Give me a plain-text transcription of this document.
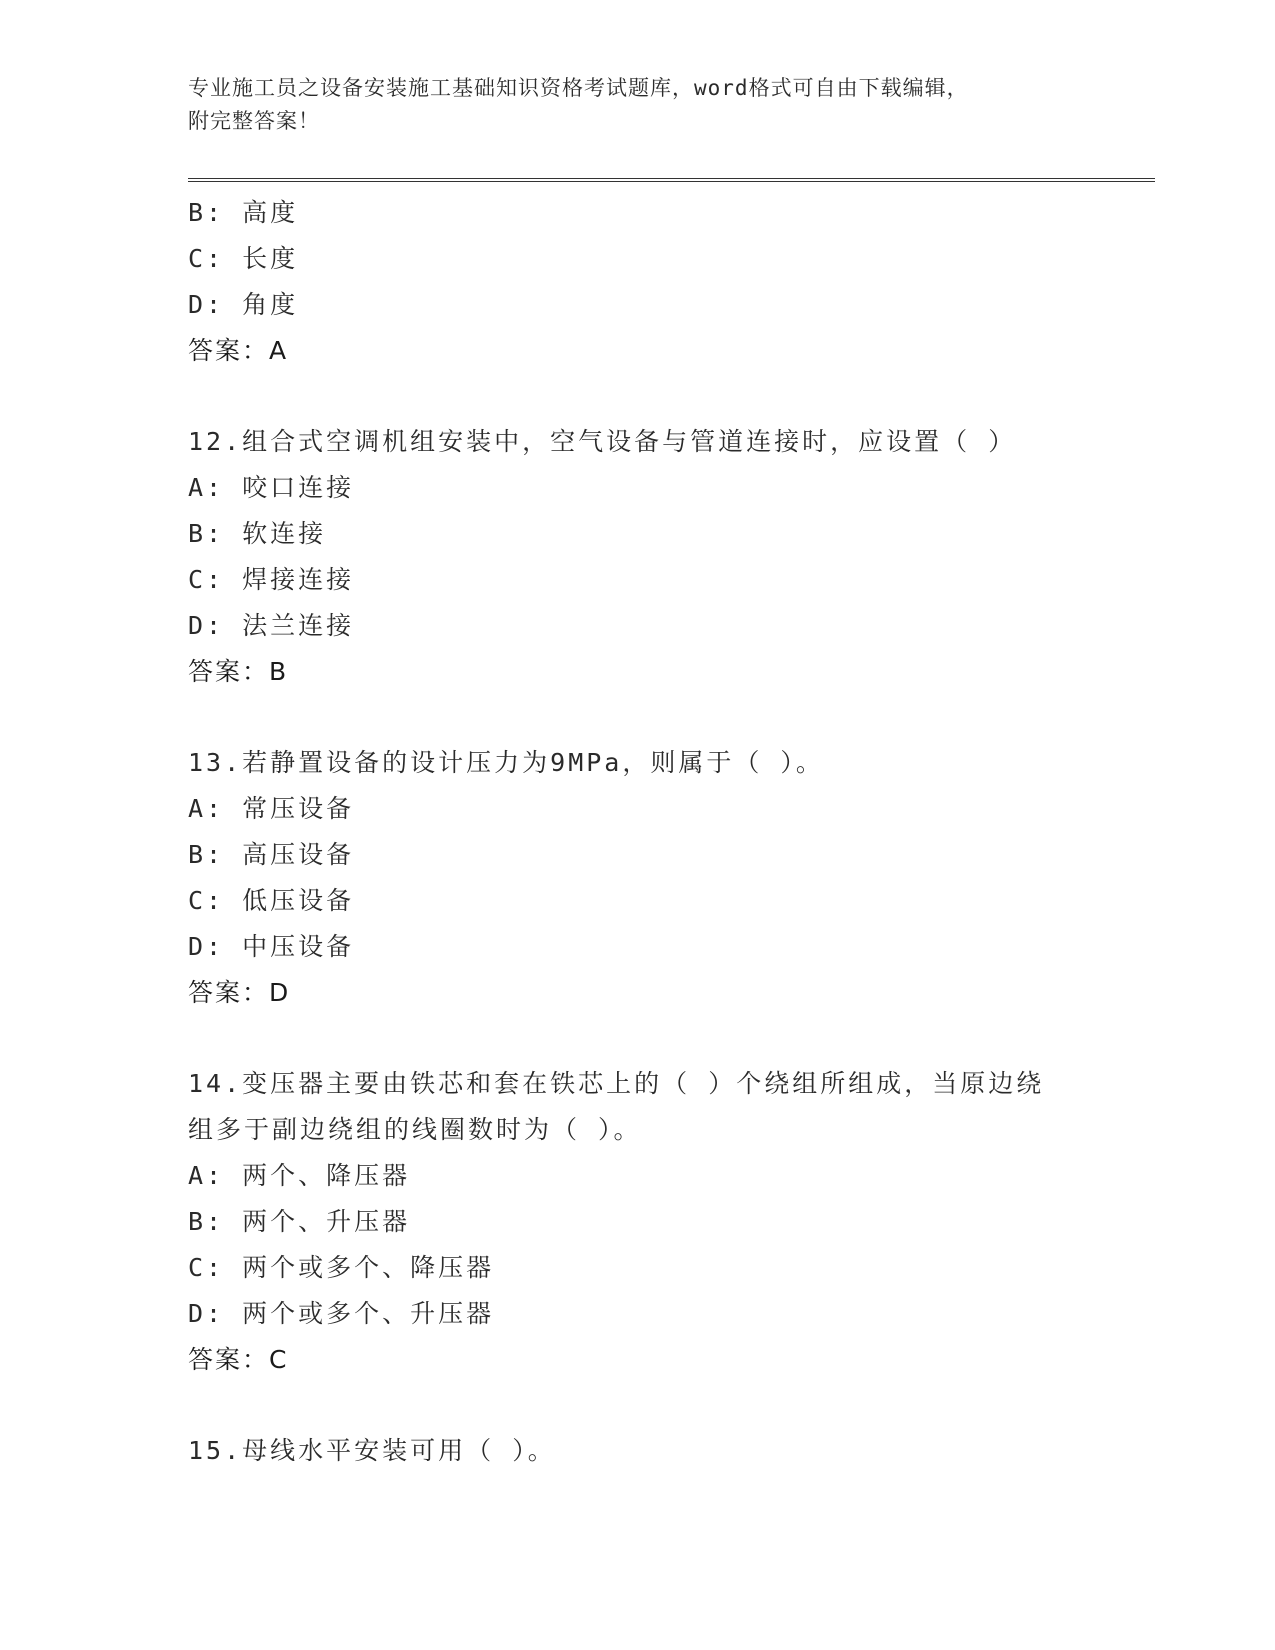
专业施工员之设备安装施工基础知识资格考试题库，word格式可自由下载编辑，
附完整答案！
B: 高度
C: 长度
D: 角度
答案：A
12.组合式空调机组安装中，空气设备与管道连接时，应设置（ ）
A: 咬口连接
B: 软连接
C: 焊接连接
D: 法兰连接
答案：B
13.若静置设备的设计压力为9MPa，则属于（ ）。
A: 常压设备
B: 高压设备
C: 低压设备
D: 中压设备
答案：D
14.变压器主要由铁芯和套在铁芯上的（ ）个绕组所组成，当原边绕
组多于副边绕组的线圈数时为（ ）。
A: 两个、降压器
B: 两个、升压器
C: 两个或多个、降压器
D: 两个或多个、升压器
答案：C
15.母线水平安装可用（ ）。
